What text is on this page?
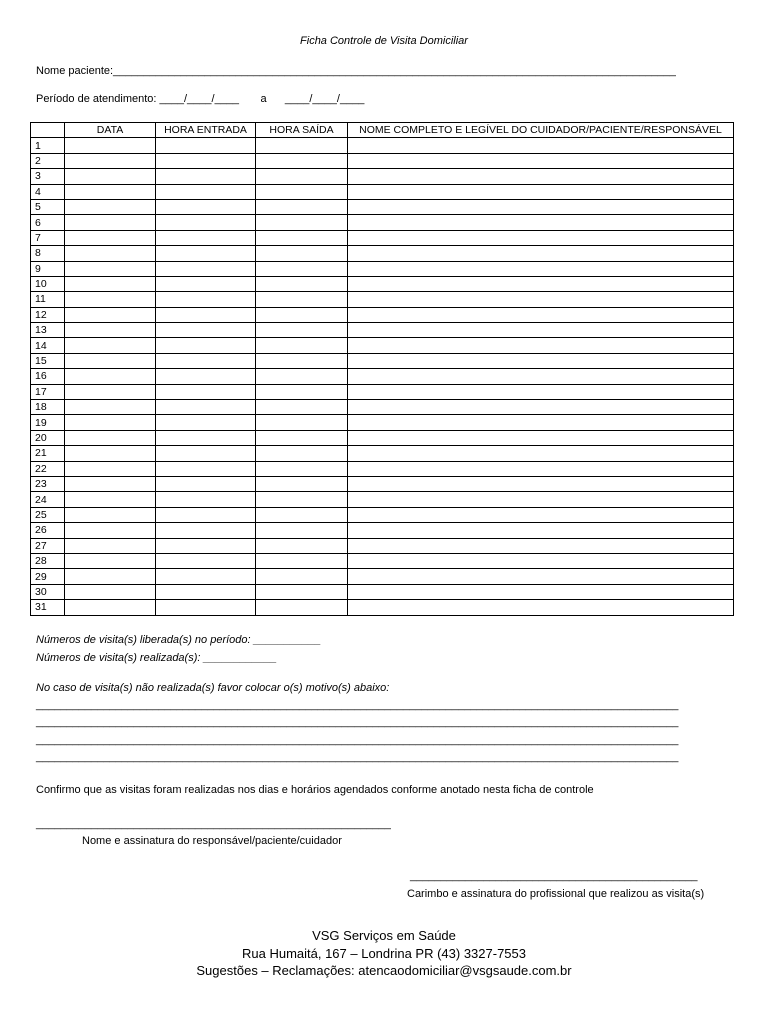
Ficha Controle de Visita Domiciliar
Nome paciente:____________________________________________________________________________________________
Período de atendimento: ____/____/____       a      ____/____/____
	DATA	HORA ENTRADA	HORA SAÍDA	NOME COMPLETO E LEGÍVEL DO CUIDADOR/PACIENTE/RESPONSÁVEL
1				
2				
3				
4				
5				
6				
7				
8				
9				
10				
11				
12				
13				
14				
15				
16				
17				
18				
19				
20				
21				
22				
23				
24				
25				
26				
27				
28				
29				
30				
31				
Números de visita(s) liberada(s) no período: ___________
Números de visita(s) realizada(s): ____________
No caso de visita(s) não realizada(s) favor colocar o(s) motivo(s) abaixo:
_________________________________________________________________________________________________________
_________________________________________________________________________________________________________
_________________________________________________________________________________________________________
_________________________________________________________________________________________________________
Confirmo que as visitas foram realizadas nos dias e horários agendados conforme anotado nesta ficha de controle
__________________________________________________________
Nome e assinatura do responsável/paciente/cuidador
_______________________________________________
Carimbo e assinatura do profissional que realizou as visita(s)
VSG Serviços em Saúde
Rua Humaitá, 167 – Londrina PR (43) 3327-7553
Sugestões – Reclamações: atencaodomiciliar@vsgsaude.com.br
